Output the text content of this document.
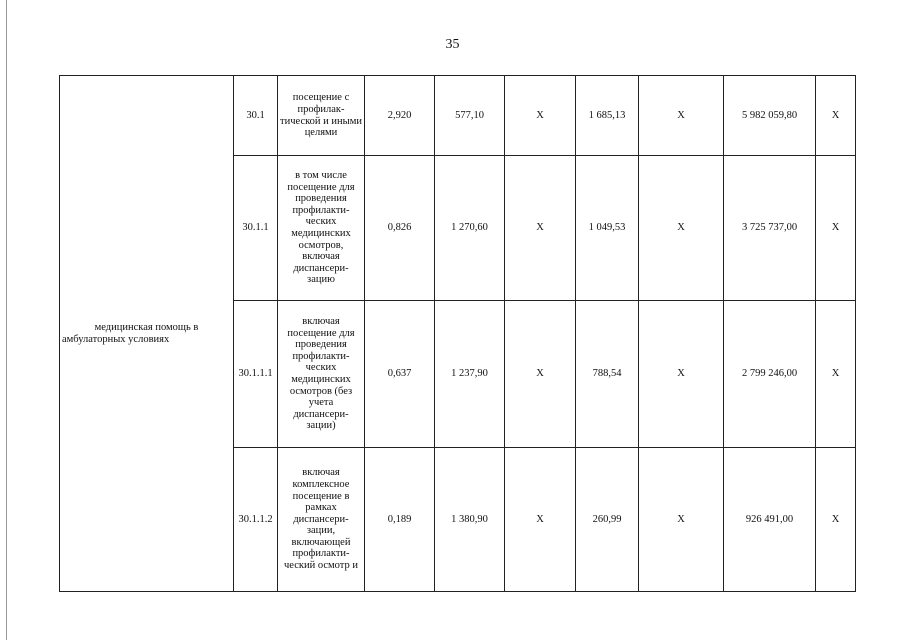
35
медицинская помощь в амбулаторных условиях	30.1	посещение с профилак-тической и иными целями	2,920	577,10	X	1 685,13	X	5 982 059,80	X
	30.1.1	в том числе посещение для проведения профилакти-ческих медицинских осмотров, включая диспансери-зацию	0,826	1 270,60	X	1 049,53	X	3 725 737,00	X
	30.1.1.1	включая посещение для проведения профилакти-ческих медицинских осмотров (без учета диспансери-зации)	0,637	1 237,90	X	788,54	X	2 799 246,00	X
	30.1.1.2	включая комплексное посещение в рамках диспансери-зации, включающей профилакти-ческий осмотр и	0,189	1 380,90	X	260,99	X	926 491,00	X
